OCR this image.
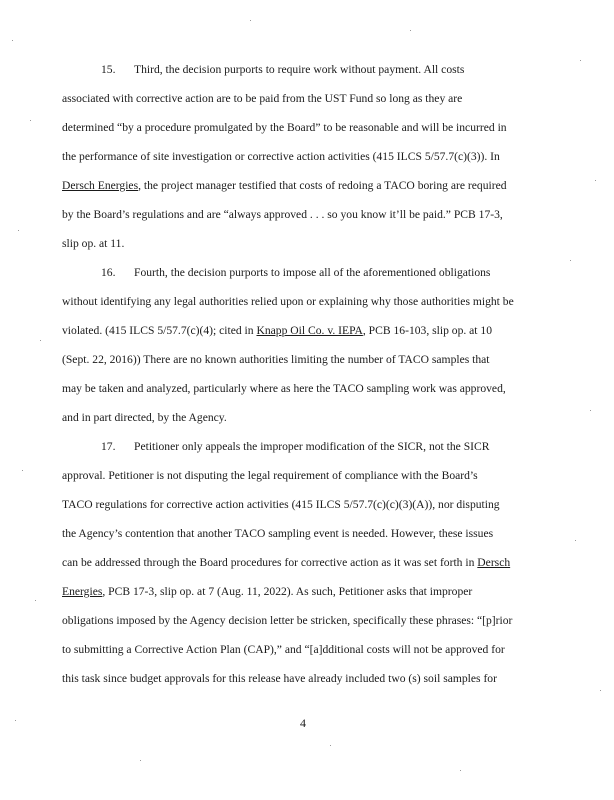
15. Third, the decision purports to require work without payment. All costs
associated with corrective action are to be paid from the UST Fund so long as they are
determined “by a procedure promulgated by the Board” to be reasonable and will be incurred in
the performance of site investigation or corrective action activities (415 ILCS 5/57.7(c)(3)). In
Dersch Energies, the project manager testified that costs of redoing a TACO boring are required
by the Board’s regulations and are “always approved . . . so you know it’ll be paid.” PCB 17-3,
slip op. at 11.
16. Fourth, the decision purports to impose all of the aforementioned obligations
without identifying any legal authorities relied upon or explaining why those authorities might be
violated. (415 ILCS 5/57.7(c)(4); cited in Knapp Oil Co. v. IEPA, PCB 16-103, slip op. at 10
(Sept. 22, 2016)) There are no known authorities limiting the number of TACO samples that
may be taken and analyzed, particularly where as here the TACO sampling work was approved,
and in part directed, by the Agency.
17. Petitioner only appeals the improper modification of the SICR, not the SICR
approval. Petitioner is not disputing the legal requirement of compliance with the Board’s
TACO regulations for corrective action activities (415 ILCS 5/57.7(c)(c)(3)(A)), nor disputing
the Agency’s contention that another TACO sampling event is needed. However, these issues
can be addressed through the Board procedures for corrective action as it was set forth in Dersch
Energies, PCB 17-3, slip op. at 7 (Aug. 11, 2022). As such, Petitioner asks that improper
obligations imposed by the Agency decision letter be stricken, specifically these phrases: “[p]rior
to submitting a Corrective Action Plan (CAP),” and “[a]dditional costs will not be approved for
this task since budget approvals for this release have already included two (s) soil samples for
4
